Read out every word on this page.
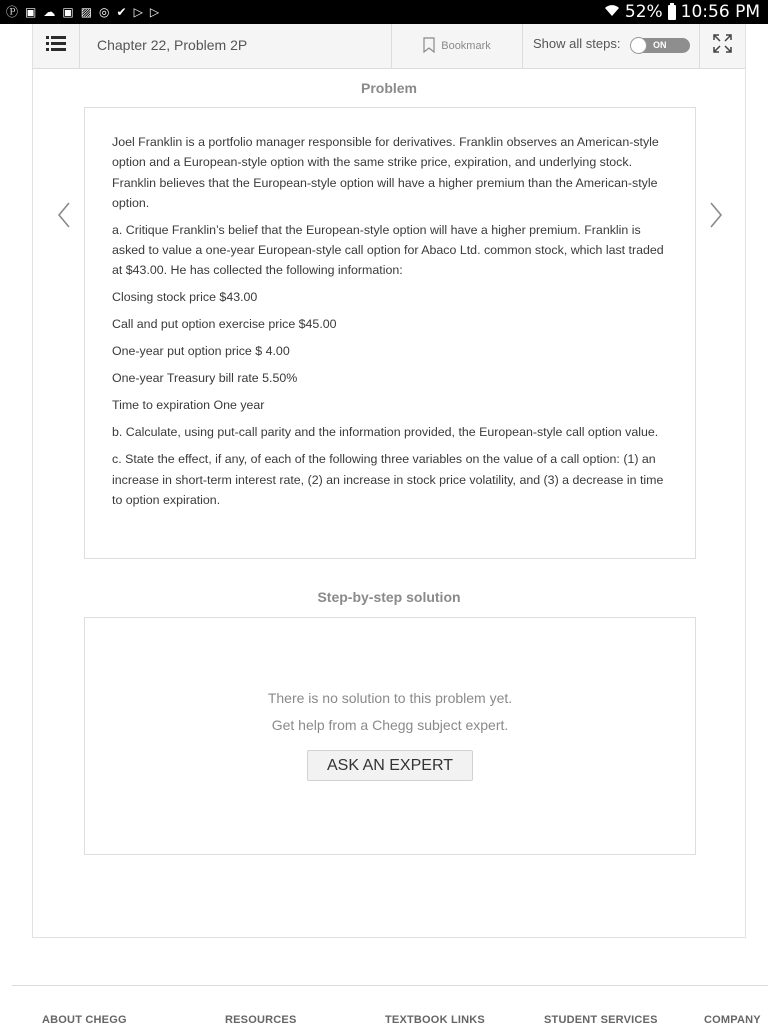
Ⓟ ▣ ☁ ▣ ▨ ◎ ✔ ▷ ▷	52% 10:56 PM
Chapter 22, Problem 2P	Bookmark	Show all steps:	ON
Problem

Joel Franklin is a portfolio manager responsible for derivatives. Franklin observes an American-style option and a European-style option with the same strike price, expiration, and underlying stock. Franklin believes that the European-style option will have a higher premium than the American-style option.

a. Critique Franklin’s belief that the European-style option will have a higher premium. Franklin is asked to value a one-year European-style call option for Abaco Ltd. common stock, which last traded at $43.00. He has collected the following information:

Closing stock price $43.00

Call and put option exercise price $45.00

One-year put option price $ 4.00

One-year Treasury bill rate 5.50%

Time to expiration One year

b. Calculate, using put-call parity and the information provided, the European-style call option value.

c. State the effect, if any, of each of the following three variables on the value of a call option: (1) an increase in short-term interest rate, (2) an increase in stock price volatility, and (3) a decrease in time to option expiration.

Step-by-step solution
There is no solution to this problem yet.
Get help from a Chegg subject expert.
ASK AN EXPERT
ABOUT CHEGG	RESOURCES	TEXTBOOK LINKS	STUDENT SERVICES	COMPANY
